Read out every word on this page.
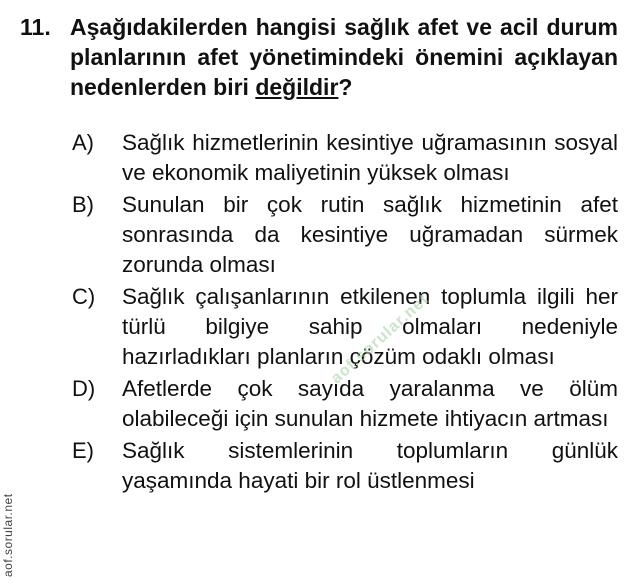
11. Aşağıdakilerden hangisi sağlık afet ve acil durum planlarının afet yönetimindeki önemini açıklayan nedenlerden biri değildir?
A)	Sağlık hizmetlerinin kesintiye uğramasının sosyal ve ekonomik maliyetinin yüksek olması
B)	Sunulan bir çok rutin sağlık hizmetinin afet sonrasında da kesintiye uğramadan sürmek zorunda olması
C)	Sağlık çalışanlarının etkilenen toplumla ilgili her türlü bilgiye sahip olmaları nedeniyle hazırladıkları planların çözüm odaklı olması
D)	Afetlerde çok sayıda yaralanma ve ölüm olabileceği için sunulan hizmete ihtiyacın artması
E)	Sağlık sistemlerinin toplumların günlük yaşamında hayati bir rol üstlenmesi
aof.sorular.net
aof.sorular.net
